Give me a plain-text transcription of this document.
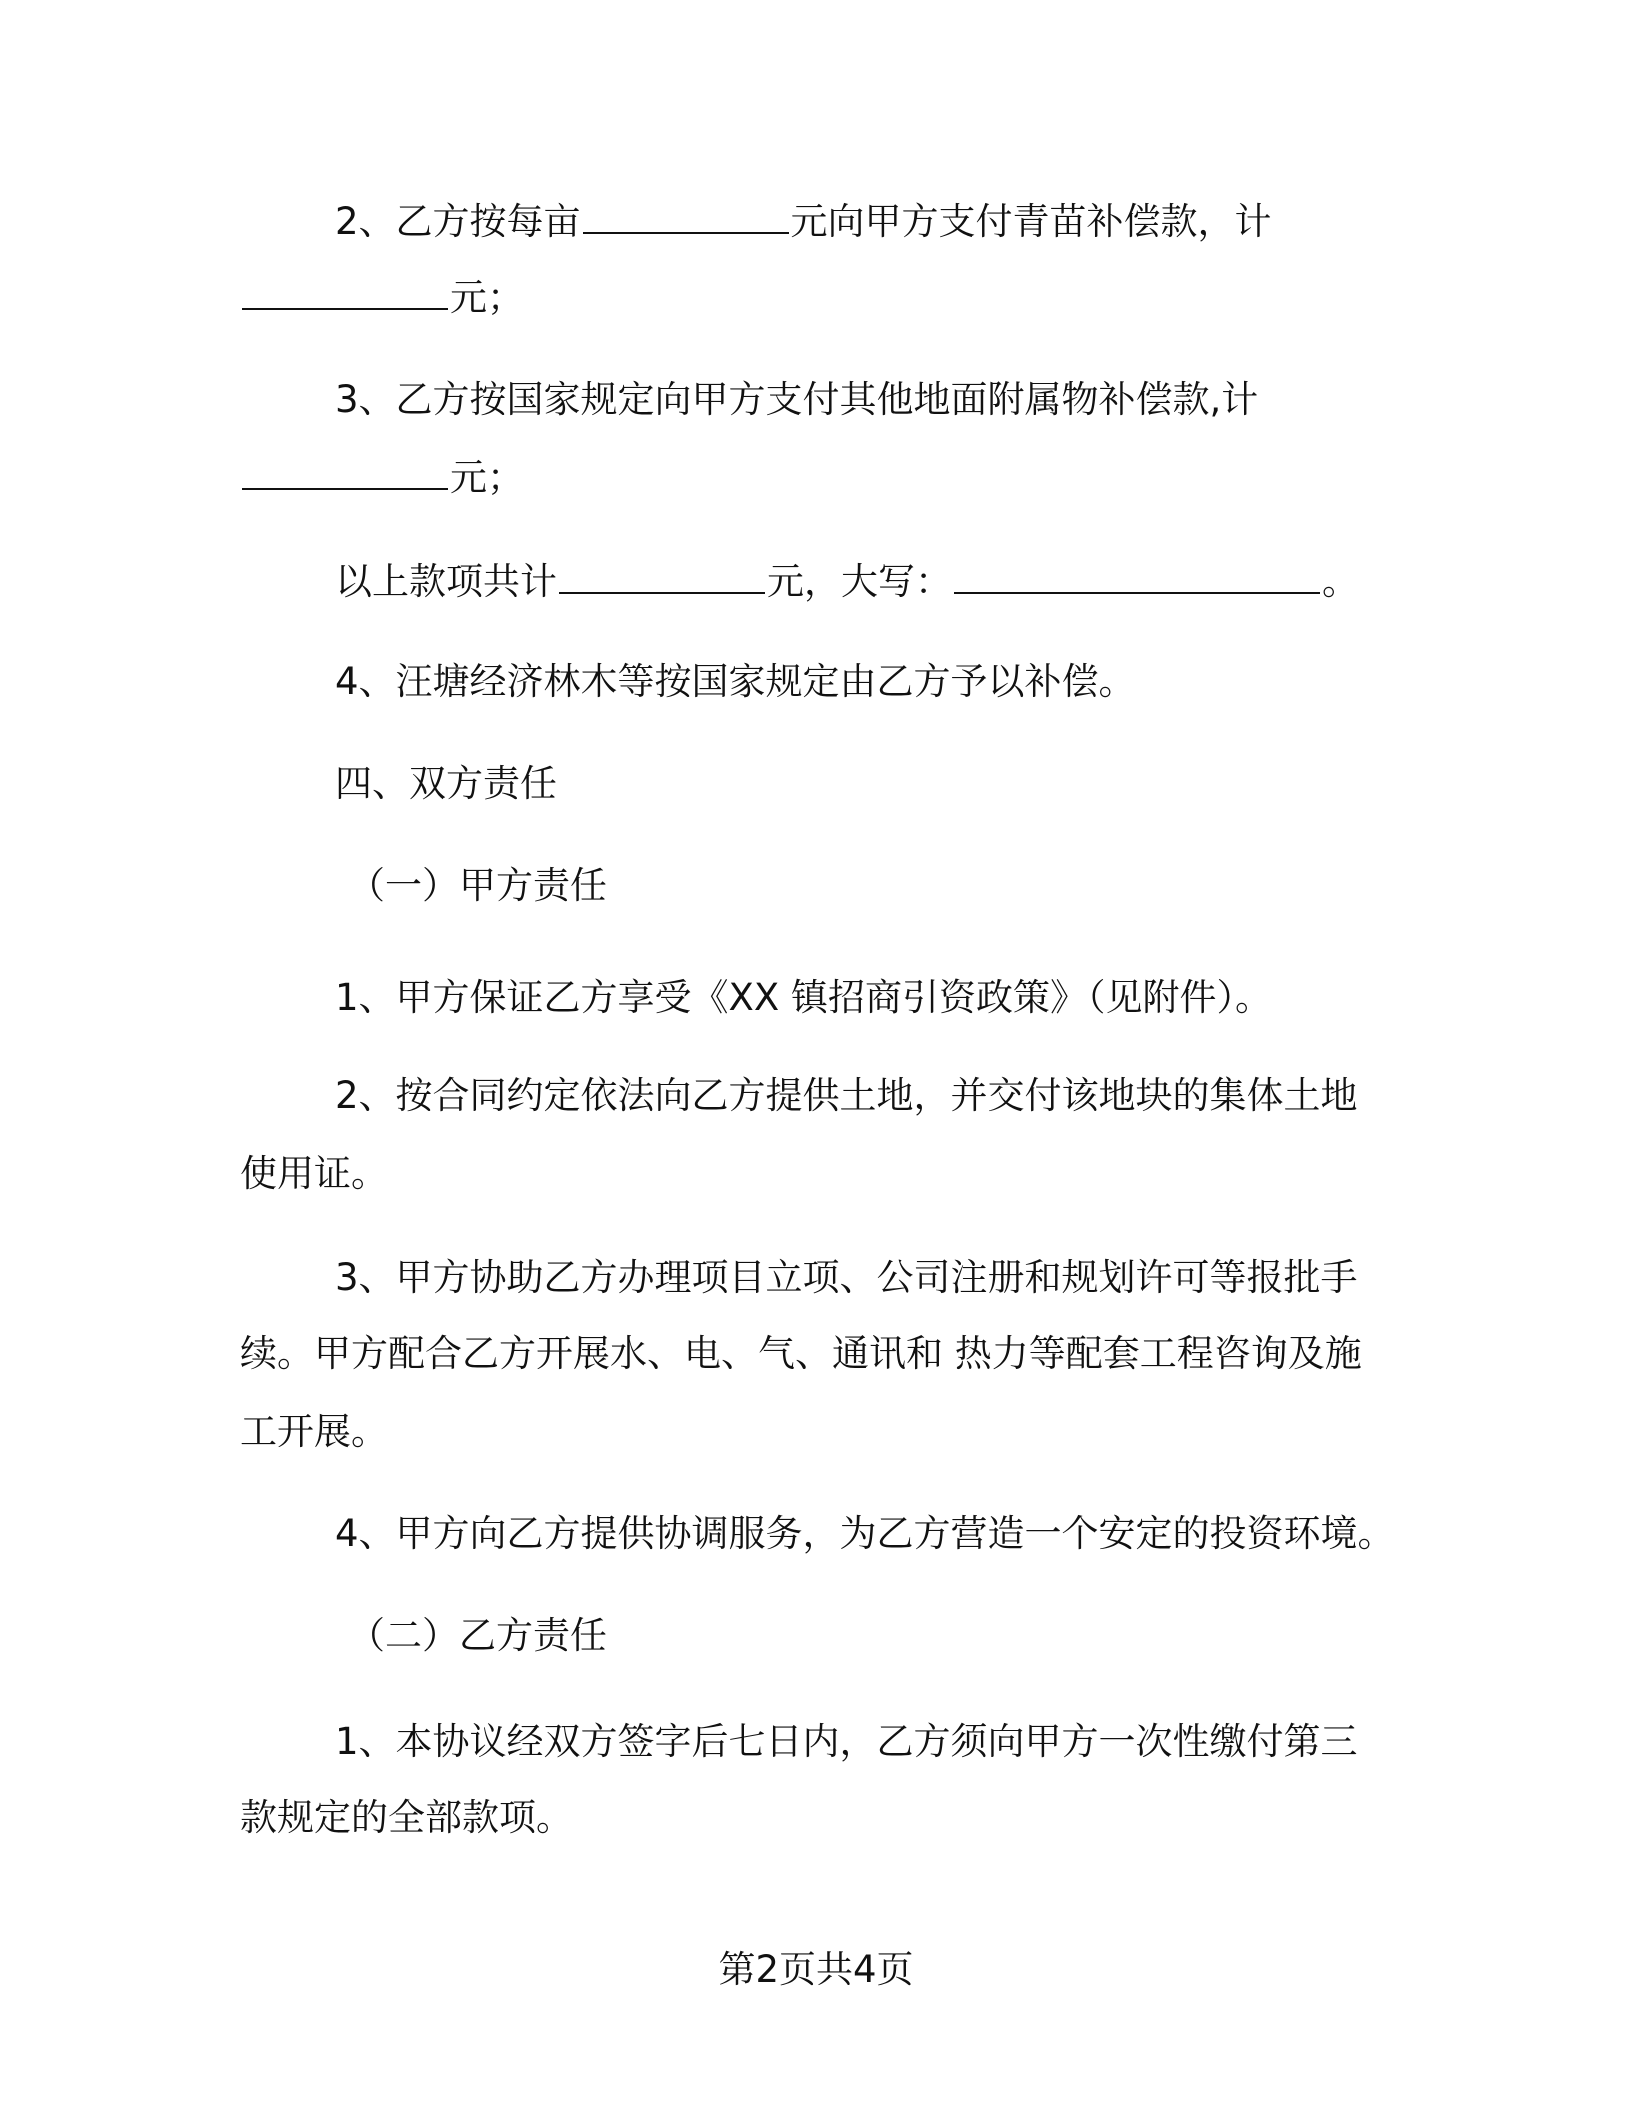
2、乙方按每亩	元向甲方支付青苗补偿款，计
元；
3、乙方按国家规定向甲方支付其他地面附属物补偿款,计
元；
以上款项共计	元，大写：	。
4、汪塘经济林木等按国家规定由乙方予以补偿。
四、双方责任
（一）甲方责任
1、甲方保证乙方享受《XX 镇招商引资政策》（见附件）。
2、按合同约定依法向乙方提供土地，并交付该地块的集体土地
使用证。
3、甲方协助乙方办理项目立项、公司注册和规划许可等报批手
续。甲方配合乙方开展水、电、气、通讯和 热力等配套工程咨询及施
工开展。
4、甲方向乙方提供协调服务，为乙方营造一个安定的投资环境。
（二）乙方责任
1、本协议经双方签字后七日内，乙方须向甲方一次性缴付第三
款规定的全部款项。
第2页共4页
